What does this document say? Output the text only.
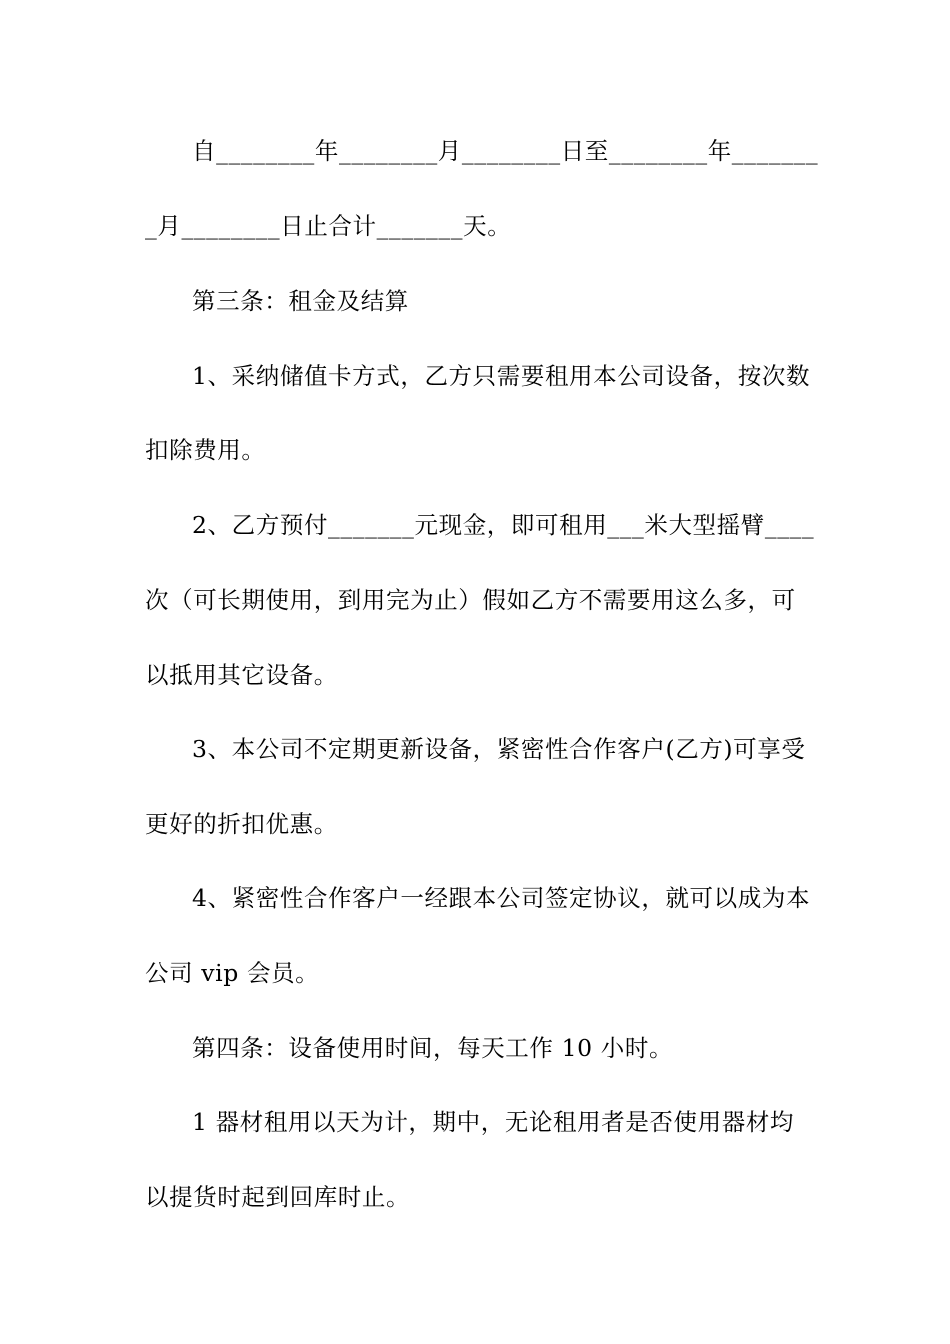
自________年________月________日至________年_______
_月________日止合计_______天。
第三条：租金及结算
1、采纳储值卡方式，乙方只需要租用本公司设备，按次数
扣除费用。
2、乙方预付_______元现金，即可租用___米大型摇臂____
次（可长期使用，到用完为止）假如乙方不需要用这么多，可
以抵用其它设备。
3、本公司不定期更新设备，紧密性合作客户(乙方)可享受
更好的折扣优惠。
4、紧密性合作客户一经跟本公司签定协议，就可以成为本
公司 vip 会员。
第四条：设备使用时间，每天工作 10 小时。
1 器材租用以天为计，期中，无论租用者是否使用器材均
以提货时起到回库时止。
